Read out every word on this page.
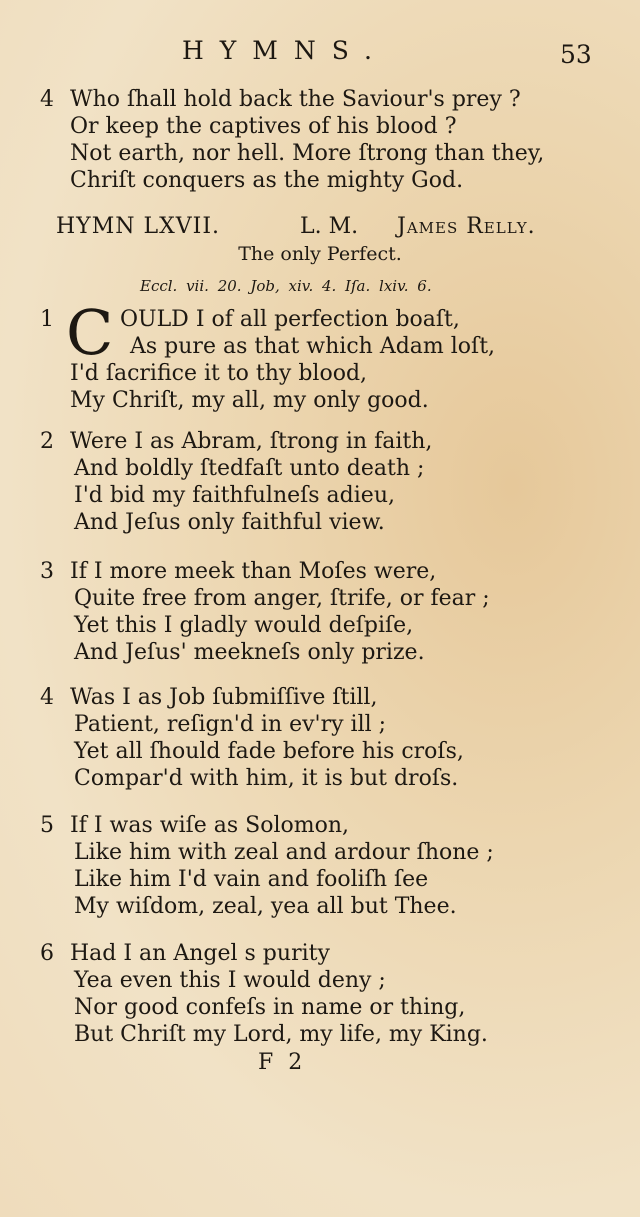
HYMNS.	53
4 Who ſhall hold back the Saviour's prey ?
Or keep the captives of his blood ?
Not earth, nor hell. More ſtrong than they,
Chriſt conquers as the mighty God.
HYMN LXVII.	L. M. James Relly.
The only Perfect.
Eccl. vii. 20. Job, xiv. 4. Iſa. lxiv. 6.
1 C OULD I of all perfection boaſt,
As pure as that which Adam loſt,
I'd ſacrifice it to thy blood,
My Chriſt, my all, my only good.
2 Were I as Abram, ſtrong in faith,
And boldly ſtedfaſt unto death ;
I'd bid my faithfulneſs adieu,
And Jeſus only faithful view.
3 If I more meek than Moſes were,
Quite free from anger, ſtrife, or fear ;
Yet this I gladly would deſpiſe,
And Jeſus' meekneſs only prize.
4 Was I as Job ſubmiſſive ſtill,
Patient, reſign'd in ev'ry ill ;
Yet all ſhould fade before his croſs,
Compar'd with him, it is but droſs.
5 If I was wiſe as Solomon,
Like him with zeal and ardour ſhone ;
Like him I'd vain and fooliſh ſee
My wiſdom, zeal, yea all but Thee.
6 Had I an Angel s purity
Yea even this I would deny ;
Nor good confeſs in name or thing,
But Chriſt my Lord, my life, my King.
F 2
